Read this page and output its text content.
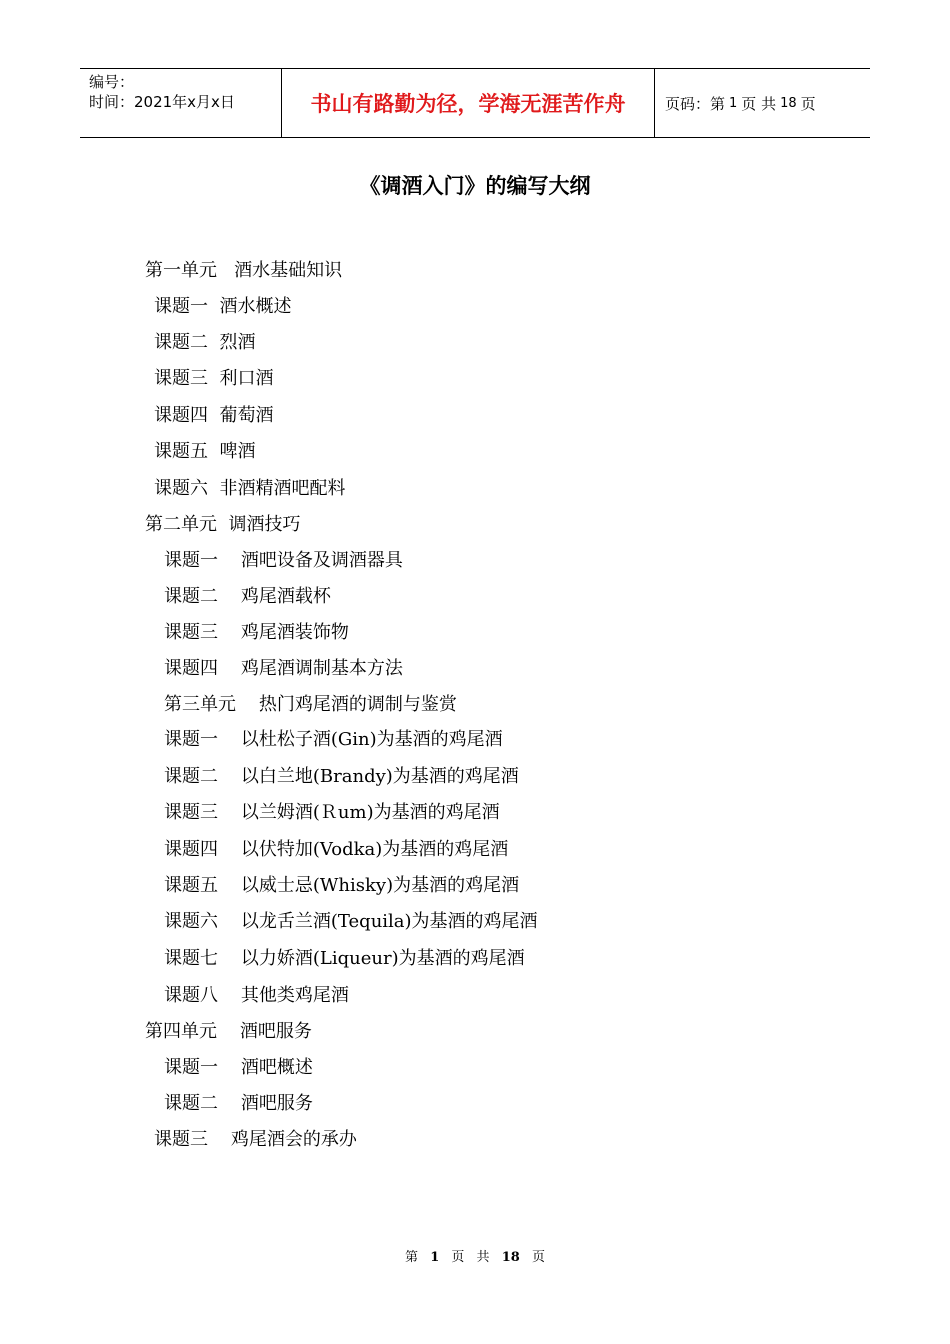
编号：
时间：2021年x月x日	书山有路勤为径，学海无涯苦作舟	页码：第 1 页 共 18 页
《调酒入门》的编写大纲
第一单元   酒水基础知识
课题一  酒水概述
课题二  烈酒
课题三  利口酒
课题四  葡萄酒
课题五  啤酒
课题六  非酒精酒吧配料
第二单元  调酒技巧
课题一    酒吧设备及调酒器具
课题二    鸡尾酒载杯
课题三    鸡尾酒装饰物
课题四    鸡尾酒调制基本方法
第三单元    热门鸡尾酒的调制与鉴赏
课题一    以杜松子酒(Gin)为基酒的鸡尾酒
课题二    以白兰地(Brandy)为基酒的鸡尾酒
课题三    以兰姆酒(Ｒum)为基酒的鸡尾酒
课题四    以伏特加(Vodka)为基酒的鸡尾酒
课题五    以威士忌(Whisky)为基酒的鸡尾酒
课题六    以龙舌兰酒(Tequila)为基酒的鸡尾酒
课题七    以力娇酒(Liqueur)为基酒的鸡尾酒
课题八    其他类鸡尾酒
第四单元    酒吧服务
课题一    酒吧概述
课题二    酒吧服务
课题三    鸡尾酒会的承办
第 1 页 共 18 页
